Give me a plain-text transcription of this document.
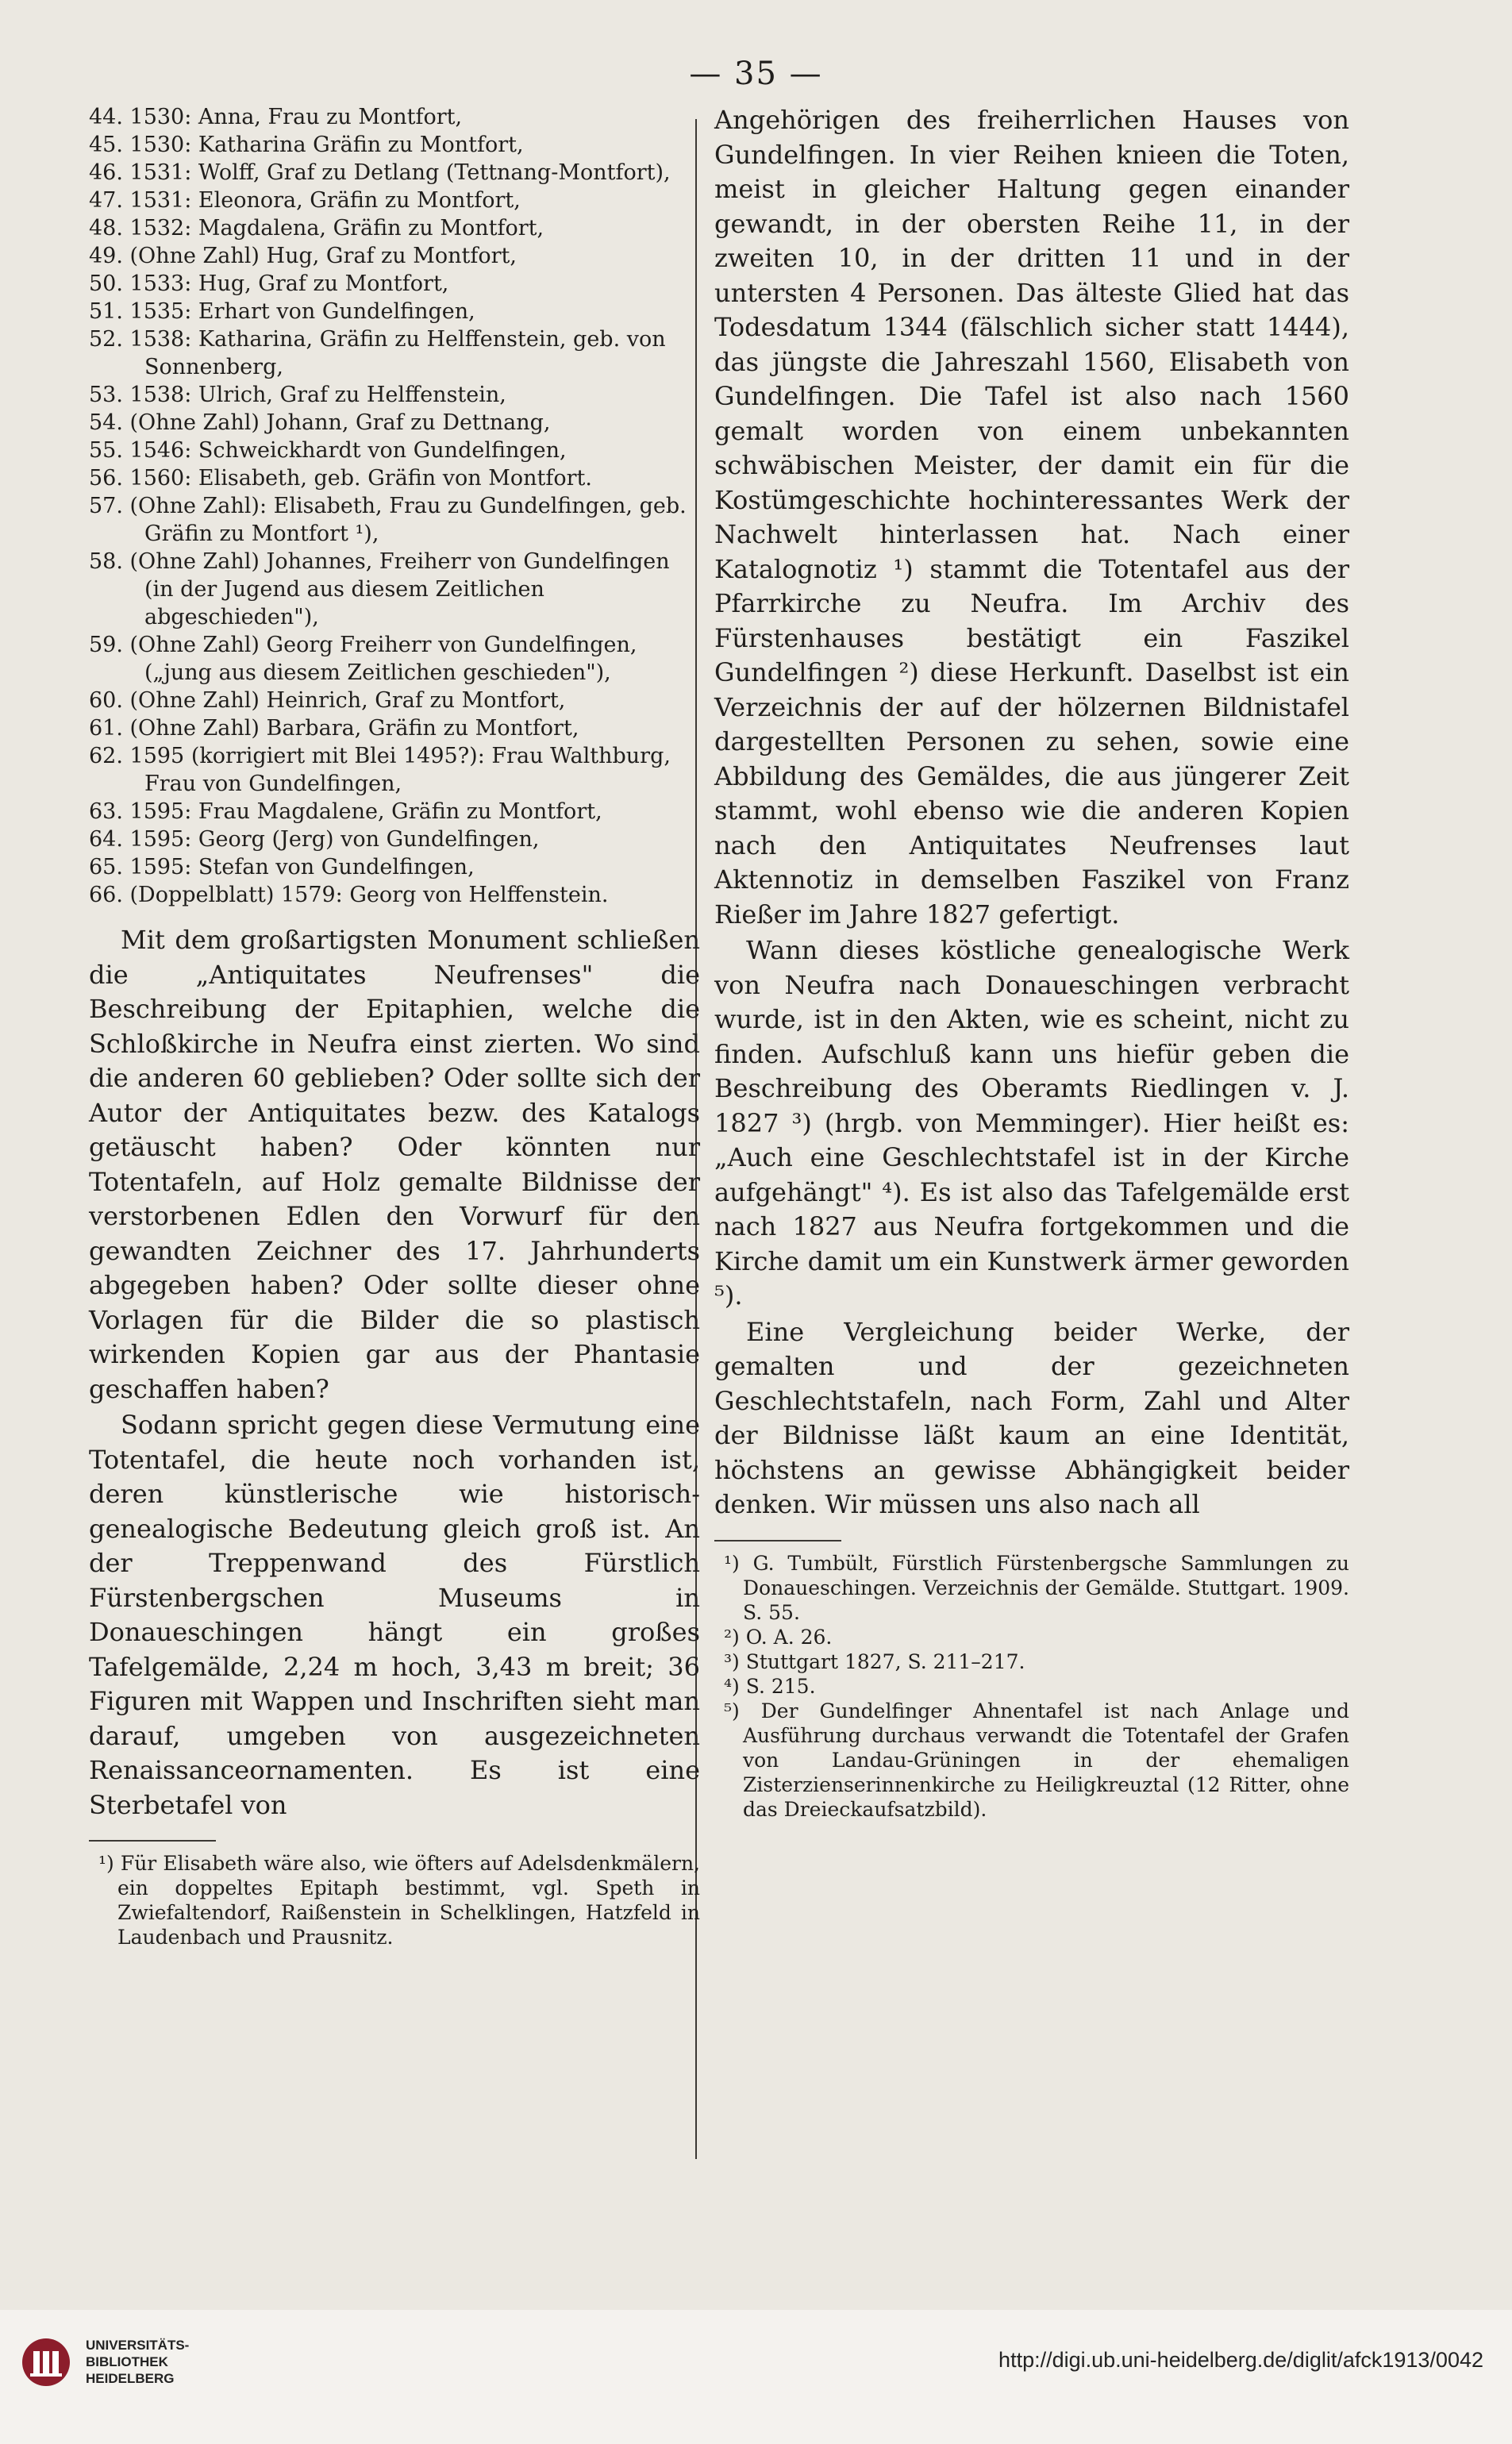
— 35 —

44. 1530: Anna, Frau zu Montfort,

45. 1530: Katharina Gräfin zu Montfort,

46. 1531: Wolff, Graf zu Detlang (Tettnang-Montfort),

47. 1531: Eleonora, Gräfin zu Montfort,

48. 1532: Magdalena, Gräfin zu Montfort,

49. (Ohne Zahl) Hug, Graf zu Montfort,

50. 1533: Hug, Graf zu Montfort,

51. 1535: Erhart von Gundelfingen,

52. 1538: Katharina, Gräfin zu Helffenstein, geb. von Sonnenberg,

53. 1538: Ulrich, Graf zu Helffenstein,

54. (Ohne Zahl) Johann, Graf zu Dettnang,

55. 1546: Schweickhardt von Gundelfingen,

56. 1560: Elisabeth, geb. Gräfin von Montfort.

57. (Ohne Zahl): Elisabeth, Frau zu Gundelfingen, geb. Gräfin zu Montfort ¹),

58. (Ohne Zahl) Johannes, Freiherr von Gundelfingen (in der Jugend aus diesem Zeitlichen abgeschieden"),

59. (Ohne Zahl) Georg Freiherr von Gundelfingen, („jung aus diesem Zeitlichen geschieden"),

60. (Ohne Zahl) Heinrich, Graf zu Montfort,

61. (Ohne Zahl) Barbara, Gräfin zu Montfort,

62. 1595 (korrigiert mit Blei 1495?): Frau Walthburg, Frau von Gundelfingen,

63. 1595: Frau Magdalene, Gräfin zu Montfort,

64. 1595: Georg (Jerg) von Gundelfingen,

65. 1595: Stefan von Gundelfingen,

66. (Doppelblatt) 1579: Georg von Helffenstein.

Mit dem großartigsten Monument schließen die „Antiquitates Neufrenses" die Beschreibung der Epitaphien, welche die Schloßkirche in Neufra einst zierten. Wo sind die anderen 60 geblieben? Oder sollte sich der Autor der Antiquitates bezw. des Katalogs getäuscht haben? Oder könnten nur Totentafeln, auf Holz gemalte Bildnisse der verstorbenen Edlen den Vorwurf für den gewandten Zeichner des 17. Jahrhunderts abgegeben haben? Oder sollte dieser ohne Vorlagen für die Bilder die so plastisch wirkenden Kopien gar aus der Phantasie geschaffen haben?

Sodann spricht gegen diese Vermutung eine Totentafel, die heute noch vorhanden ist, deren künstlerische wie historisch-genealogische Bedeutung gleich groß ist. An der Treppenwand des Fürstlich Fürstenbergschen Museums in Donaueschingen hängt ein großes Tafelgemälde, 2,24 m hoch, 3,43 m breit; 36 Figuren mit Wappen und Inschriften sieht man darauf, umgeben von ausgezeichneten Renaissanceornamenten. Es ist eine Sterbetafel von

¹) Für Elisabeth wäre also, wie öfters auf Adelsdenkmälern, ein doppeltes Epitaph bestimmt, vgl. Speth in Zwiefaltendorf, Raißenstein in Schelklingen, Hatzfeld in Laudenbach und Prausnitz.

Angehörigen des freiherrlichen Hauses von Gundelfingen. In vier Reihen knieen die Toten, meist in gleicher Haltung gegen einander gewandt, in der obersten Reihe 11, in der zweiten 10, in der dritten 11 und in der untersten 4 Personen. Das älteste Glied hat das Todesdatum 1344 (fälschlich sicher statt 1444), das jüngste die Jahreszahl 1560, Elisabeth von Gundelfingen. Die Tafel ist also nach 1560 gemalt worden von einem unbekannten schwäbischen Meister, der damit ein für die Kostümgeschichte hochinteressantes Werk der Nachwelt hinterlassen hat. Nach einer Katalognotiz ¹) stammt die Totentafel aus der Pfarrkirche zu Neufra. Im Archiv des Fürstenhauses bestätigt ein Faszikel Gundelfingen ²) diese Herkunft. Daselbst ist ein Verzeichnis der auf der hölzernen Bildnistafel dargestellten Personen zu sehen, sowie eine Abbildung des Gemäldes, die aus jüngerer Zeit stammt, wohl ebenso wie die anderen Kopien nach den Antiquitates Neufrenses laut Aktennotiz in demselben Faszikel von Franz Rießer im Jahre 1827 gefertigt.

Wann dieses köstliche genealogische Werk von Neufra nach Donaueschingen verbracht wurde, ist in den Akten, wie es scheint, nicht zu finden. Aufschluß kann uns hiefür geben die Beschreibung des Oberamts Riedlingen v. J. 1827 ³) (hrgb. von Memminger). Hier heißt es: „Auch eine Geschlechtstafel ist in der Kirche aufgehängt" ⁴). Es ist also das Tafelgemälde erst nach 1827 aus Neufra fortgekommen und die Kirche damit um ein Kunstwerk ärmer geworden ⁵).

Eine Vergleichung beider Werke, der gemalten und der gezeichneten Geschlechtstafeln, nach Form, Zahl und Alter der Bildnisse läßt kaum an eine Identität, höchstens an gewisse Abhängigkeit beider denken. Wir müssen uns also nach all

¹) G. Tumbült, Fürstlich Fürstenbergsche Sammlungen zu Donaueschingen. Verzeichnis der Gemälde. Stuttgart. 1909. S. 55.

²) O. A. 26.

³) Stuttgart 1827, S. 211–217.

⁴) S. 215.

⁵) Der Gundelfinger Ahnentafel ist nach Anlage und Ausführung durchaus verwandt die Totentafel der Grafen von Landau-Grüningen in der ehemaligen Zisterzienserinnenkirche zu Heiligkreuztal (12 Ritter, ohne das Dreieckaufsatzbild).

UNIVERSITÄTS-
BIBLIOTHEK
HEIDELBERG
http://digi.ub.uni-heidelberg.de/diglit/afck1913/0042
